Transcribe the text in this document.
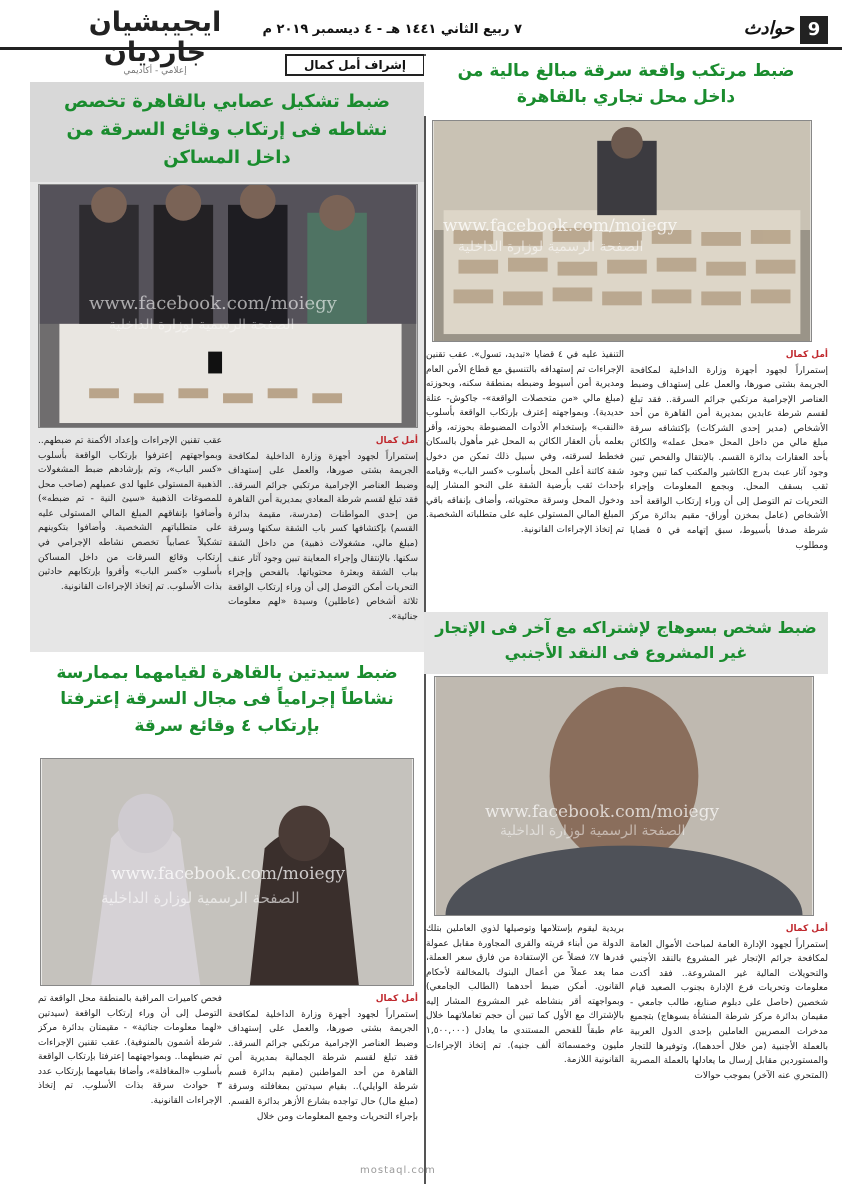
9
حوادث
٧ ربيع الثاني ١٤٤١ هـ - ٤ ديسمبر ٢٠١٩ م
ايجيبشيان جارديان
إعلامي - أكاديمي	إشراف أمل كمال	ضبط مرتكب واقعة سرقة مبالغ مالية من داخل محل تجاري بالقاهرة
www.facebook.com/moiegy
الصفحة الرسمية لوزارة الداخلية
أمل كمال

إستمراراً لجهود أجهزة وزارة الداخلية لمكافحة الجريمة بشتى صورها، والعمل على إستهداف وضبط العناصر الإجرامية مرتكبي جرائم السرقة.. فقد تبلغ لقسم شرطة عابدين بمديرية أمن القاهرة من أحد الأشخاص (مدير إحدى الشركات) بإكتشافه سرقة مبلغ مالي من داخل المحل «محل عمله» والكائن بأحد العقارات بدائرة القسم. بالإنتقال والفحص تبين وجود آثار عبث بدرج الكاشير والمكتب كما تبين وجود ثقب بسقف المحل. وبجمع المعلومات وإجراء التحريات تم التوصل إلى أن وراء إرتكاب الواقعة أحد الأشخاص (عامل بمخزن أوراق- مقيم بدائرة مركز شرطة صدفا بأسيوط، سبق إتهامه في ٥ قضايا ومطلوب

التنفيذ عليه في ٤ قضايا «تبديد، تسول». عقب تقنين الإجراءات تم إستهدافه بالتنسيق مع قطاع الأمن العام ومديرية أمن أسيوط وضبطه بمنطقة سكنه، وبحوزته (مبلغ مالي «من متحصلات الواقعة»- جاكوش- عتلة حديدية). وبمواجهته إعترف بإرتكاب الواقعة بأسلوب «النقب» بإستخدام الأدوات المضبوطة بحوزته، وأقر بعلمه بأن العقار الكائن به المحل غير مأهول بالسكان فخطط لسرقته، وفي سبيل ذلك تمكن من دخول شقة كائنة أعلى المحل بأسلوب «كسر الباب» وقيامه بإحداث ثقب بأرضية الشقة على النحو المشار إليه ودخول المحل وسرقة محتوياته، وأضاف بإنفاقه باقي المبلغ المالي المستولى عليه على متطلباته الشخصية. تم إتخاذ الإجراءات القانونية.

ضبط شخص بسوهاج لإشتراكه مع آخر فى الإتجار غير المشروع فى النقد الأجنبي
www.facebook.com/moiegy
الصفحة الرسمية لوزارة الداخلية
أمل كمال

إستمراراً لجهود الإدارة العامة لمباحث الأموال العامة لمكافحة جرائم الإتجار غير المشروع بالنقد الأجنبي والتحويلات المالية غير المشروعة.. فقد أكدت معلومات وتحريات فرع الإدارة بجنوب الصعيد قيام شخصين (حاصل على دبلوم صنايع، طالب جامعي - مقيمان بدائرة مركز شرطة المنشأة بسوهاج) بتجميع مدخرات المصريين العاملين بإحدى الدول العربية بالعملة الأجنبية (من خلال أحدهما)، وتوفيرها للتجار والمستوردين مقابل إرسال ما يعادلها بالعملة المصرية (المتحري عنه الآخر) بموجب حوالات

بريدية ليقوم بإستلامها وتوصيلها لذوي العاملين بتلك الدولة من أبناء قريته والقرى المجاورة مقابل عمولة قدرها ٧٪ فضلاً عن الإستفادة من فارق سعر العملة، مما يعد عملاً من أعمال البنوك بالمخالفة لأحكام القانون. أمكن ضبط أحدهما (الطالب الجامعي) وبمواجهته أقر بنشاطه غير المشروع المشار إليه بالإشتراك مع الأول كما تبين أن حجم تعاملاتهما خلال عام طبقاً للفحص المستندي ما يعادل (١,٥٠٠,٠٠٠ مليون وخمسمائة ألف جنيه). تم إتخاذ الإجراءات القانونية اللازمة.

ضبط تشكيل عصابي بالقاهرة تخصص نشاطه فى إرتكاب وقائع السرقة من داخل المساكن
www.facebook.com/moiegy
الصفحة الرسمية لوزارة الداخلية
أمل كمال

إستمراراً لجهود أجهزة وزارة الداخلية لمكافحة الجريمة بشتى صورها، والعمل على إستهداف وضبط العناصر الإجرامية مرتكبي جرائم السرقة.. فقد تبلغ لقسم شرطة المعادي بمديرية أمن القاهرة من إحدى المواطنات (مدرسة، مقيمة بدائرة القسم) بإكتشافها كسر باب الشقة سكنها وسرقة (مبلغ مالي، مشغولات ذهبية) من داخل الشقة سكنها. بالإنتقال وإجراء المعاينة تبين وجود آثار عنف بباب الشقة وبعثرة محتوياتها. بالفحص وإجراء التحريات أمكن التوصل إلى أن وراء إرتكاب الواقعة ثلاثة أشخاص (عاطلين) وسيدة «لهم معلومات جنائية».

عقب تقنين الإجراءات وإعداد الأكمنة تم ضبطهم.. وبمواجهتهم إعترفوا بإرتكاب الواقعة بأسلوب «كسر الباب»، وتم بإرشادهم ضبط المشغولات الذهبية المستولى عليها لدى عميلهم (صاحب محل للمصوغات الذهبية «سيئ النية - تم ضبطه») وأضافوا بإنفاقهم المبلغ المالي المستولى عليه على متطلباتهم الشخصية. وأضافوا بتكوينهم تشكيلاً عصابياً تخصص نشاطه الإجرامي في إرتكاب وقائع السرقات من داخل المساكن بأسلوب «كسر الباب» وأقروا بإرتكابهم حادثين بذات الأسلوب. تم إتخاذ الإجراءات القانونية.

ضبط سيدتين بالقاهرة لقيامهما بممارسة نشاطاً إجرامياً فى مجال السرقة إعترفتا بإرتكاب ٤ وقائع سرقة
www.facebook.com/moiegy
الصفحة الرسمية لوزارة الداخلية
أمل كمال

إستمراراً لجهود أجهزة وزارة الداخلية لمكافحة الجريمة بشتى صورها، والعمل على إستهداف وضبط العناصر الإجرامية مرتكبي جرائم السرقة.. فقد تبلغ لقسم شرطة الجمالية بمديرية أمن القاهرة من أحد المواطنين (مقيم بدائرة قسم شرطة الوايلي).. بقيام سيدتين بمغافلته وسرقة (مبلغ مال) حال تواجده بشارع الأزهر بدائرة القسم. بإجراء التحريات وجمع المعلومات ومن خلال

فحص كاميرات المراقبة بالمنطقة محل الواقعة تم التوصل إلى أن وراء إرتكاب الواقعة (سيدتين «لهما معلومات جنائية» - مقيمتان بدائرة مركز شرطة أشمون بالمنوفية). عقب تقنين الإجراءات تم ضبطهما.. وبمواجهتهما إعترفتا بإرتكاب الواقعة بأسلوب «المغافلة»، وأضافا بقيامهما بإرتكاب عدد ٣ حوادث سرقة بذات الأسلوب. تم إتخاذ الإجراءات القانونية.

mostaql.com
